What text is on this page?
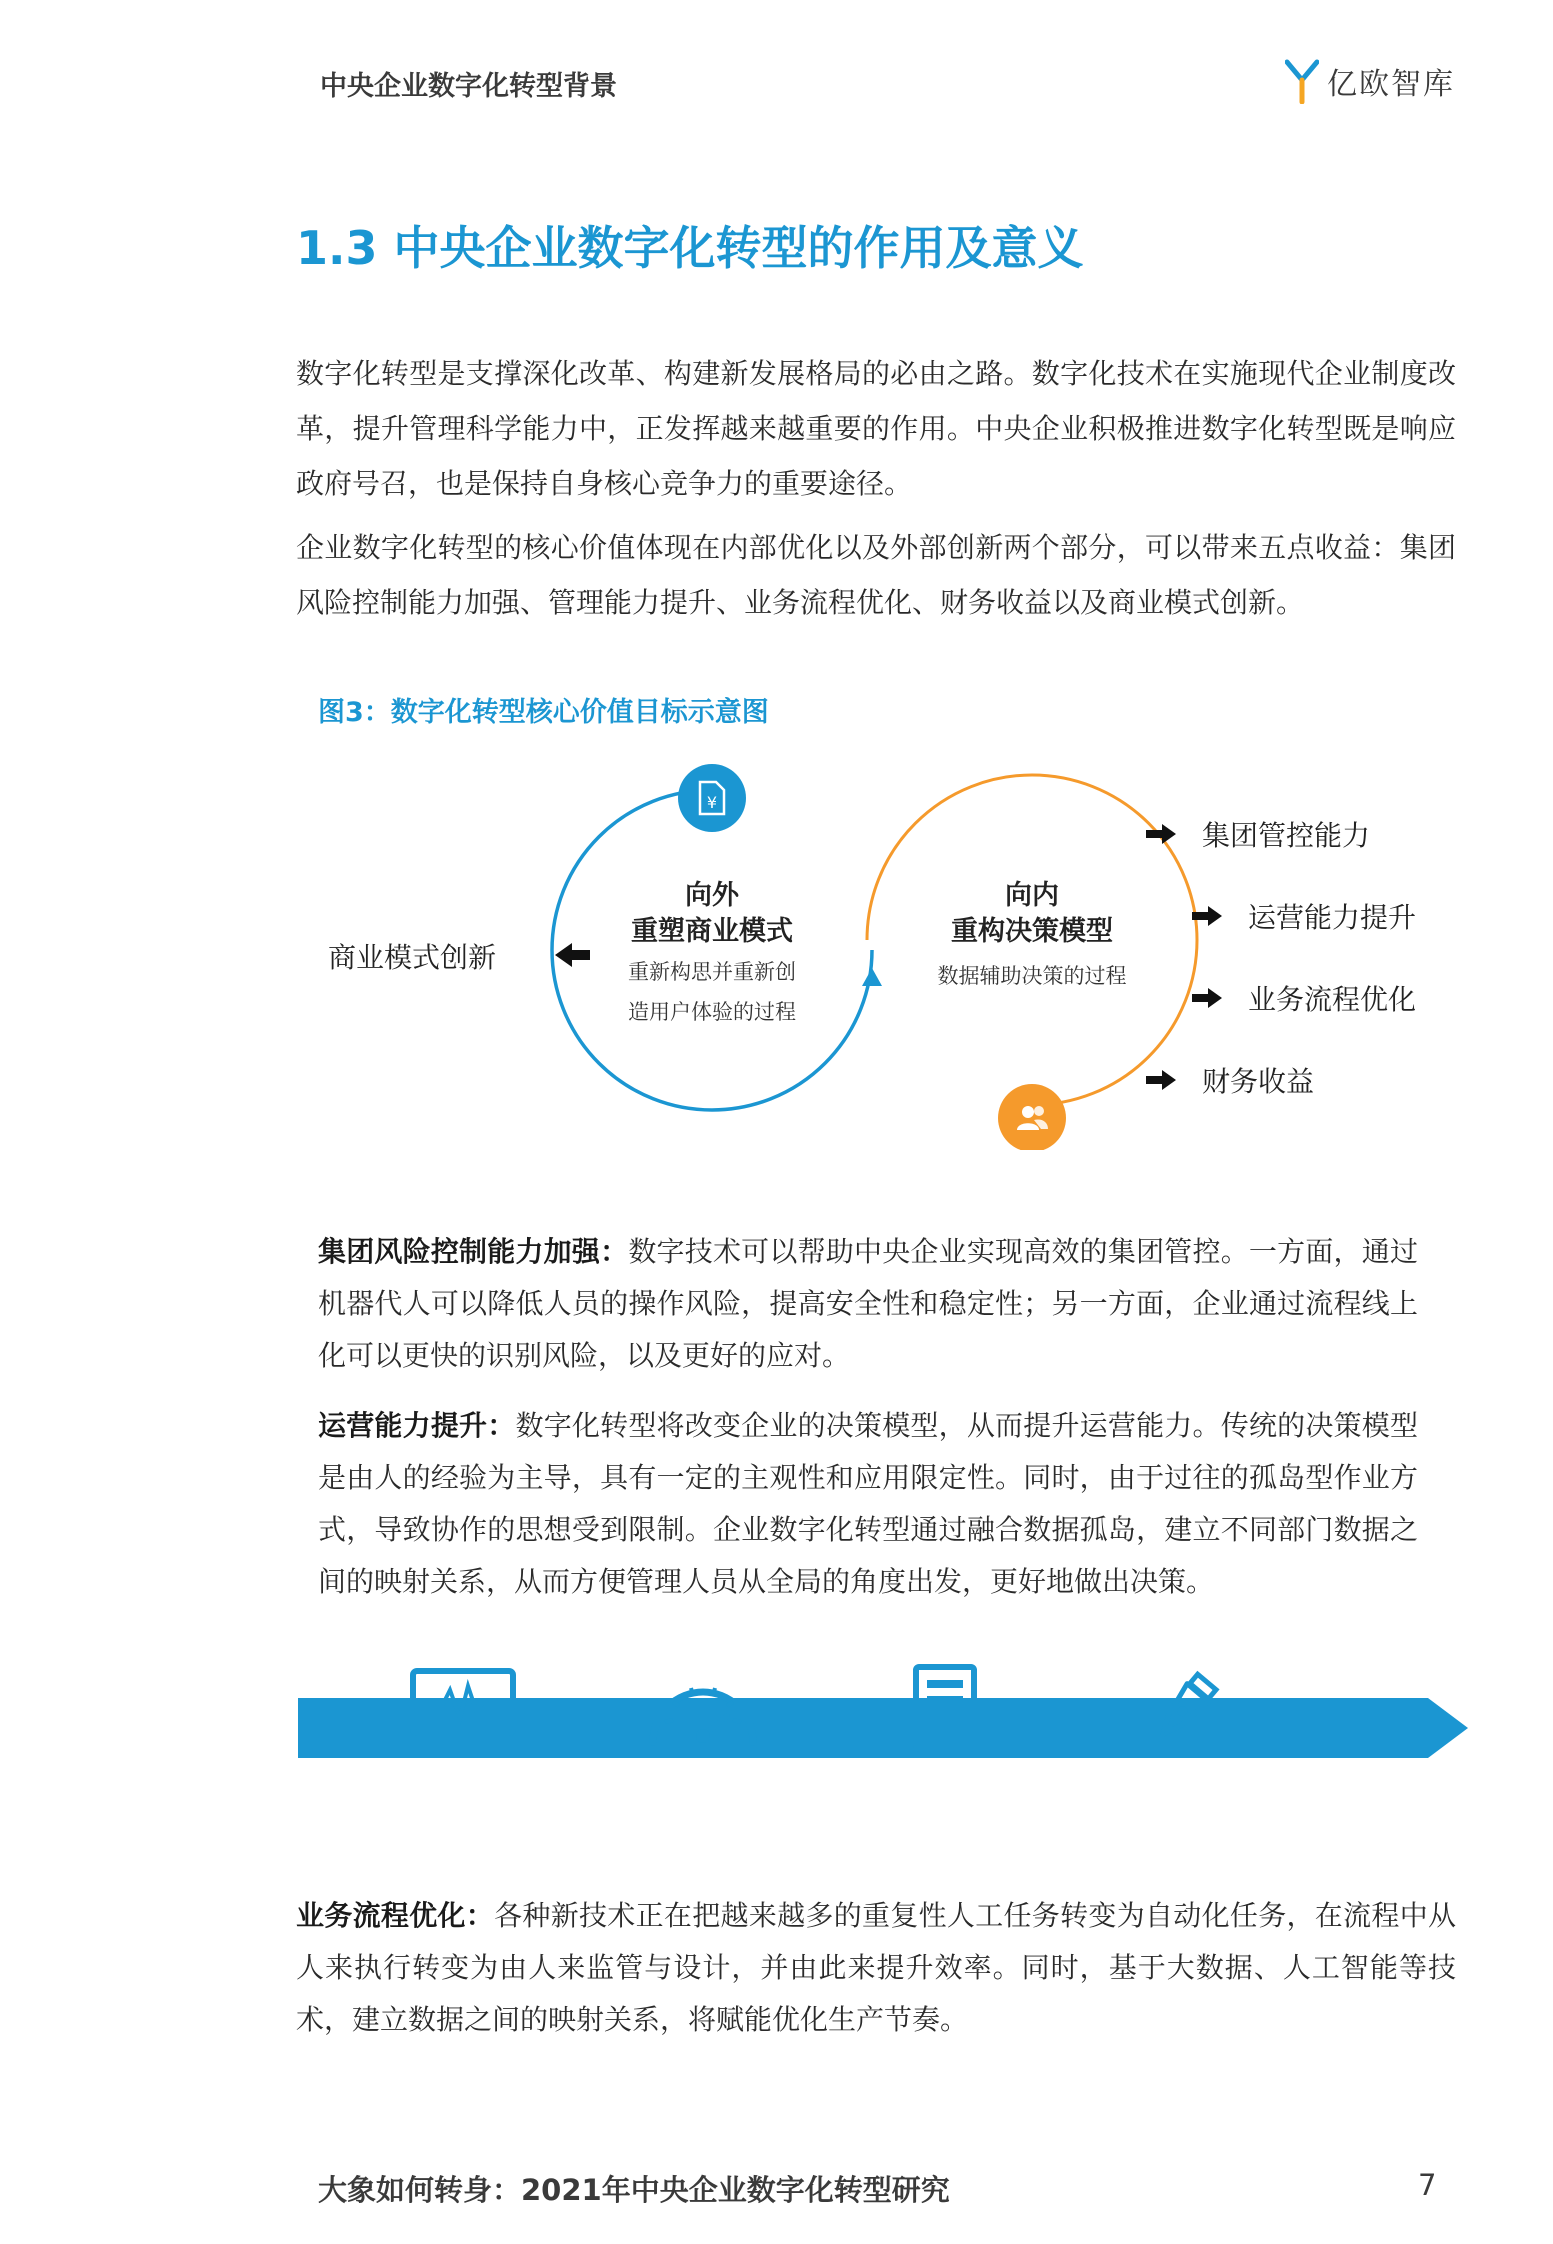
中央企业数字化转型背景	亿欧智库
1.3 中央企业数字化转型的作用及意义
数字化转型是支撑深化改革、构建新发展格局的必由之路。数字化技术在实施现代企业制度改革，提升管理科学能力中，正发挥越来越重要的作用。中央企业积极推进数字化转型既是响应政府号召，也是保持自身核心竞争力的重要途径。
企业数字化转型的核心价值体现在内部优化以及外部创新两个部分，可以带来五点收益：集团风险控制能力加强、管理能力提升、业务流程优化、财务收益以及商业模式创新。
图3：数字化转型核心价值目标示意图
¥
向外
重塑商业模式
重新构思并重新创
造用户体验的过程
向内
重构决策模型
数据辅助决策的过程
商业模式创新
集团管控能力
运营能力提升
业务流程优化
财务收益
集团风险控制能力加强：数字技术可以帮助中央企业实现高效的集团管控。一方面，通过机器代人可以降低人员的操作风险，提高安全性和稳定性；另一方面，企业通过流程线上化可以更快的识别风险，以及更好的应对。
运营能力提升：数字化转型将改变企业的决策模型，从而提升运营能力。传统的决策模型是由人的经验为主导，具有一定的主观性和应用限定性。同时，由于过往的孤岛型作业方式，导致协作的思想受到限制。企业数字化转型通过融合数据孤岛，建立不同部门数据之间的映射关系，从而方便管理人员从全局的角度出发，更好地做出决策。
可视化呈现	动态监控	数字化报告	辅助决策
业务流程优化：各种新技术正在把越来越多的重复性人工任务转变为自动化任务，在流程中从人来执行转变为由人来监管与设计，并由此来提升效率。同时，基于大数据、人工智能等技术，建立数据之间的映射关系，将赋能优化生产节奏。
大象如何转身：2021年中央企业数字化转型研究	7
